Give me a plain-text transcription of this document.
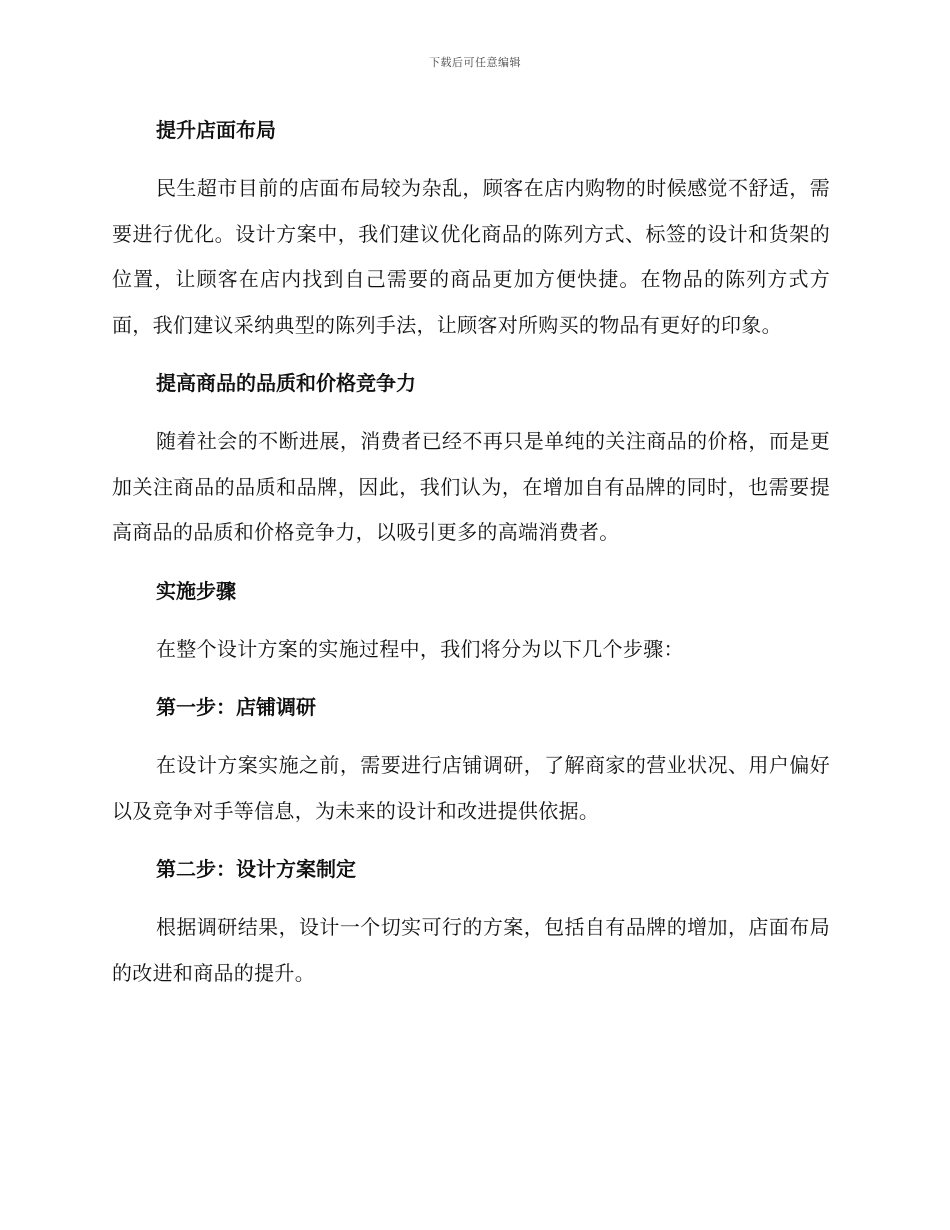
下载后可任意编辑

提升店面布局

民生超市目前的店面布局较为杂乱，顾客在店内购物的时候感觉不舒适，需要进行优化。设计方案中，我们建议优化商品的陈列方式、标签的设计和货架的位置，让顾客在店内找到自己需要的商品更加方便快捷。在物品的陈列方式方面，我们建议采纳典型的陈列手法，让顾客对所购买的物品有更好的印象。

提高商品的品质和价格竞争力

随着社会的不断进展，消费者已经不再只是单纯的关注商品的价格，而是更加关注商品的品质和品牌，因此，我们认为，在增加自有品牌的同时，也需要提高商品的品质和价格竞争力，以吸引更多的高端消费者。

实施步骤

在整个设计方案的实施过程中，我们将分为以下几个步骤：

第一步：店铺调研

在设计方案实施之前，需要进行店铺调研，了解商家的营业状况、用户偏好以及竞争对手等信息，为未来的设计和改进提供依据。

第二步：设计方案制定

根据调研结果，设计一个切实可行的方案，包括自有品牌的增加，店面布局的改进和商品的提升。
